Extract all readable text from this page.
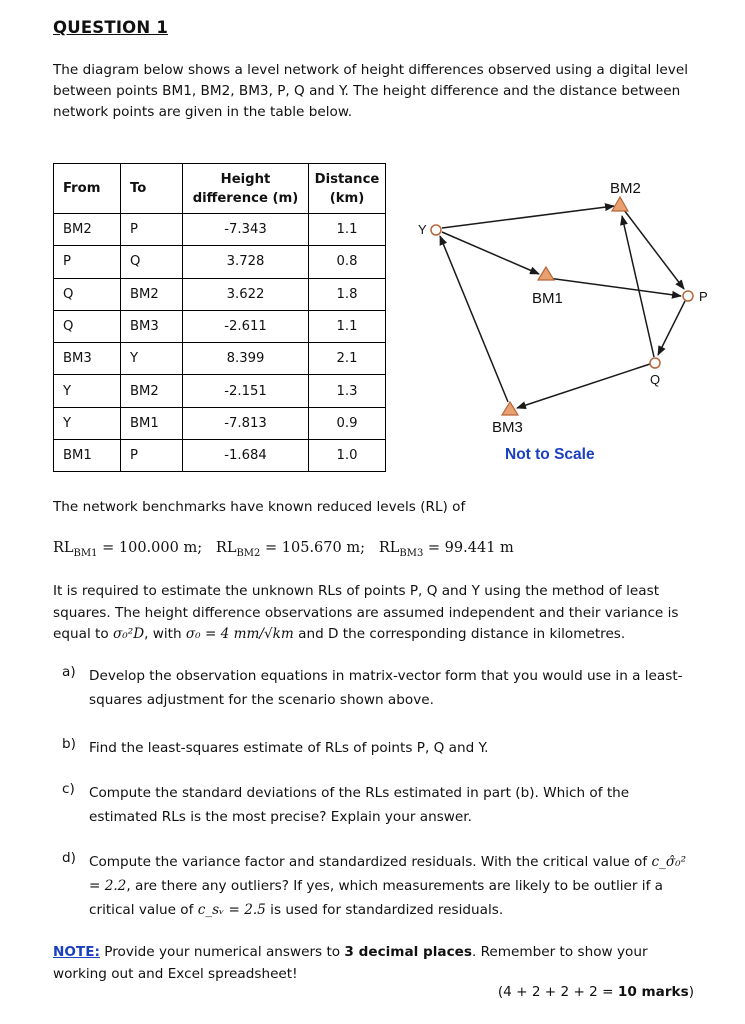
QUESTION 1
The diagram below shows a level network of height differences observed using a digital level between points BM1, BM2, BM3, P, Q and Y. The height difference and the distance between network points are given in the table below.
From	To	Height difference (m)	Distance (km)
BM2	P	-7.343	1.1
P	Q	3.728	0.8
Q	BM2	3.622	1.8
Q	BM3	-2.611	1.1
BM3	Y	8.399	2.1
Y	BM2	-2.151	1.3
Y	BM1	-7.813	0.9
BM1	P	-1.684	1.0
BM2
BM1
BM3
Y
P
Q
Not to Scale
The network benchmarks have known reduced levels (RL) of
$RL_{BM1} = 100.000$ m; $RL_{BM2} = 105.670$ m; $RL_{BM3} = 99.441$ m
It is required to estimate the unknown RLs of points P, Q and Y using the method of least squares. The height difference observations are assumed independent and their variance is equal to σ₀²D, with σ₀ = 4 mm/√km and D the corresponding distance in kilometres.
a) Develop the observation equations in matrix-vector form that you would use in a least-squares adjustment for the scenario shown above.
b) Find the least-squares estimate of RLs of points P, Q and Y.
c) Compute the standard deviations of the RLs estimated in part (b). Which of the estimated RLs is the most precise? Explain your answer.
d) Compute the variance factor and standardized residuals. With the critical value of c_σ̂₀² = 2.2, are there any outliers? If yes, which measurements are likely to be outlier if a critical value of c_sᵥ = 2.5 is used for standardized residuals.
NOTE: Provide your numerical answers to 3 decimal places. Remember to show your working out and Excel spreadsheet!
(4 + 2 + 2 + 2 = 10 marks)
